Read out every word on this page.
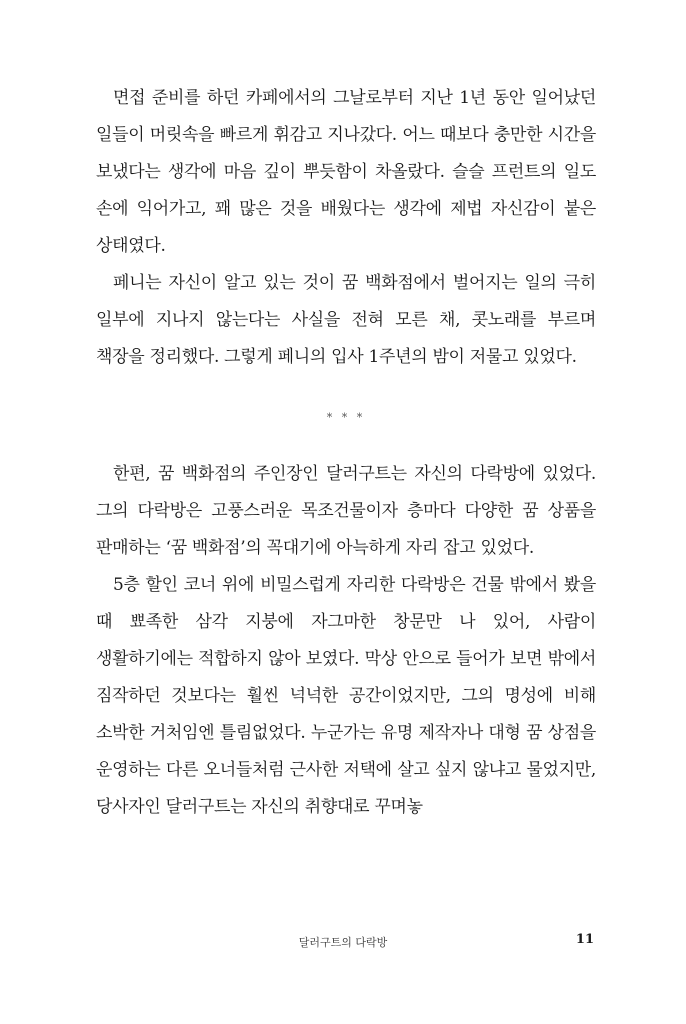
면접 준비를 하던 카페에서의 그날로부터 지난 1년 동안 일어났던 일들이 머릿속을 빠르게 휘감고 지나갔다. 어느 때보다 충만한 시간을 보냈다는 생각에 마음 깊이 뿌듯함이 차올랐다. 슬슬 프런트의 일도 손에 익어가고, 꽤 많은 것을 배웠다는 생각에 제법 자신감이 붙은 상태였다.

페니는 자신이 알고 있는 것이 꿈 백화점에서 벌어지는 일의 극히 일부에 지나지 않는다는 사실을 전혀 모른 채, 콧노래를 부르며 책장을 정리했다. 그렇게 페니의 입사 1주년의 밤이 저물고 있었다.

* * *

한편, 꿈 백화점의 주인장인 달러구트는 자신의 다락방에 있었다. 그의 다락방은 고풍스러운 목조건물이자 층마다 다양한 꿈 상품을 판매하는 ‘꿈 백화점’의 꼭대기에 아늑하게 자리 잡고 있었다.

5층 할인 코너 위에 비밀스럽게 자리한 다락방은 건물 밖에서 봤을 때 뾰족한 삼각 지붕에 자그마한 창문만 나 있어, 사람이 생활하기에는 적합하지 않아 보였다. 막상 안으로 들어가 보면 밖에서 짐작하던 것보다는 훨씬 넉넉한 공간이었지만, 그의 명성에 비해 소박한 거처임엔 틀림없었다. 누군가는 유명 제작자나 대형 꿈 상점을 운영하는 다른 오너들처럼 근사한 저택에 살고 싶지 않냐고 물었지만, 당사자인 달러구트는 자신의 취향대로 꾸며놓

달러구트의 다락방	11
